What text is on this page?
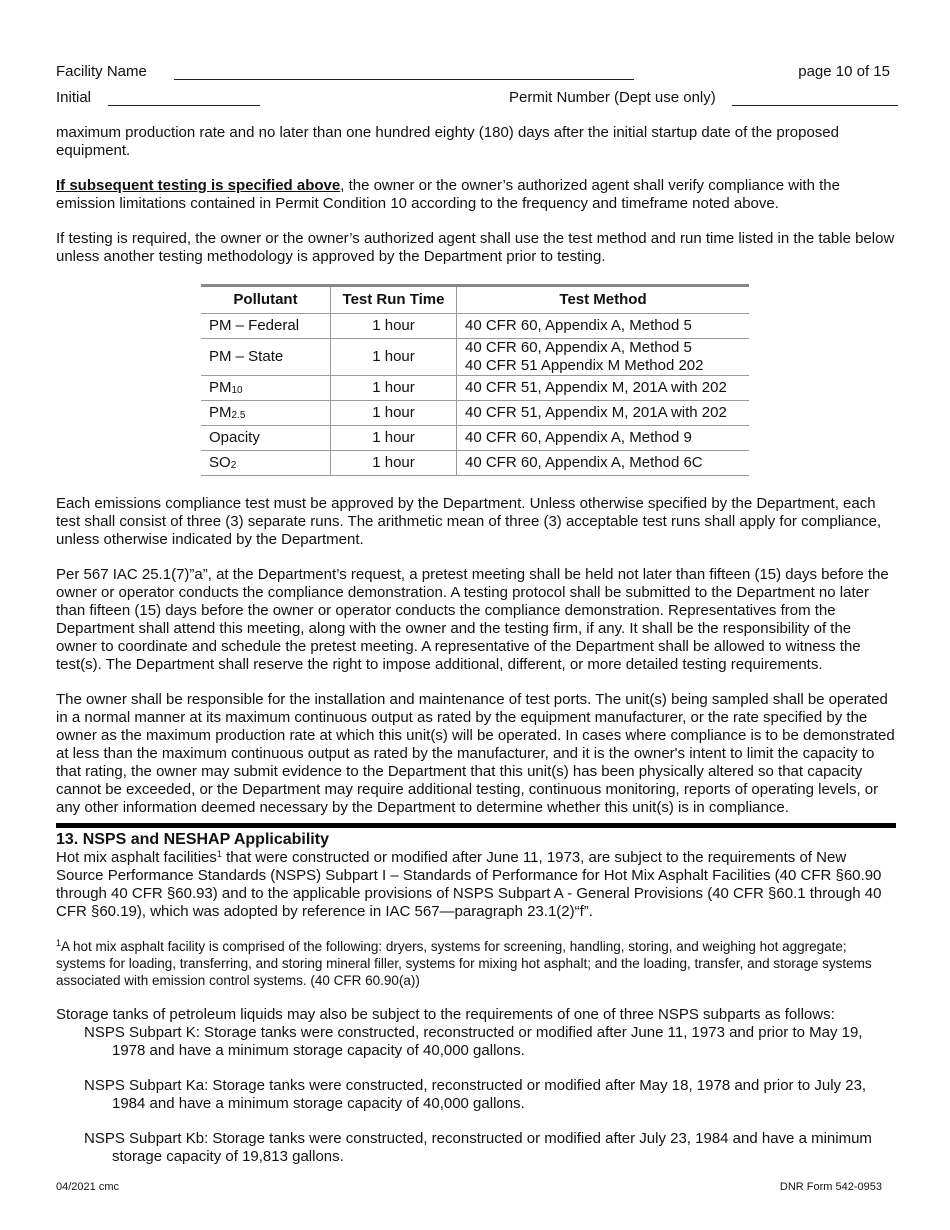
Facility Name	page 10 of 15
Initial	Permit Number (Dept use only)

maximum production rate and no later than one hundred eighty (180) days after the initial startup date of the proposed equipment.

If subsequent testing is specified above, the owner or the owner’s authorized agent shall verify compliance with the emission limitations contained in Permit Condition 10 according to the frequency and timeframe noted above.

If testing is required, the owner or the owner’s authorized agent shall use the test method and run time listed in the table below unless another testing methodology is approved by the Department prior to testing.

Pollutant	Test Run Time	Test Method
PM – Federal	1 hour	40 CFR 60, Appendix A, Method 5
PM – State	1 hour	40 CFR 60, Appendix A, Method 5
40 CFR 51 Appendix M Method 202

$PM_{10}$	1 hour	40 CFR 51, Appendix M, 201A with 202
$PM_{2.5}$	1 hour	40 CFR 51, Appendix M, 201A with 202
Opacity	1 hour	40 CFR 60, Appendix A, Method 9
$SO_2$	1 hour	40 CFR 60, Appendix A, Method 6C

Each emissions compliance test must be approved by the Department. Unless otherwise specified by the Department, each test shall consist of three (3) separate runs. The arithmetic mean of three (3) acceptable test runs shall apply for compliance, unless otherwise indicated by the Department.

Per 567 IAC 25.1(7)”a”, at the Department’s request, a pretest meeting shall be held not later than fifteen (15) days before the owner or operator conducts the compliance demonstration. A testing protocol shall be submitted to the Department no later than fifteen (15) days before the owner or operator conducts the compliance demonstration. Representatives from the Department shall attend this meeting, along with the owner and the testing firm, if any. It shall be the responsibility of the owner to coordinate and schedule the pretest meeting. A representative of the Department shall be allowed to witness the test(s). The Department shall reserve the right to impose additional, different, or more detailed testing requirements.

The owner shall be responsible for the installation and maintenance of test ports. The unit(s) being sampled shall be operated in a normal manner at its maximum continuous output as rated by the equipment manufacturer, or the rate specified by the owner as the maximum production rate at which this unit(s) will be operated. In cases where compliance is to be demonstrated at less than the maximum continuous output as rated by the manufacturer, and it is the owner's intent to limit the capacity to that rating, the owner may submit evidence to the Department that this unit(s) has been physically altered so that capacity cannot be exceeded, or the Department may require additional testing, continuous monitoring, reports of operating levels, or any other information deemed necessary by the Department to determine whether this unit(s) is in compliance.

13. NSPS and NESHAP Applicability

Hot mix asphalt facilities$^1$ that were constructed or modified after June 11, 1973, are subject to the requirements of New Source Performance Standards (NSPS) Subpart I – Standards of Performance for Hot Mix Asphalt Facilities (40 CFR §60.90 through 40 CFR §60.93) and to the applicable provisions of NSPS Subpart A - General Provisions (40 CFR §60.1 through 40 CFR §60.19), which was adopted by reference in IAC 567—paragraph 23.1(2)“f”.

$^1$A hot mix asphalt facility is comprised of the following: dryers, systems for screening, handling, storing, and weighing hot aggregate; systems for loading, transferring, and storing mineral filler, systems for mixing hot asphalt; and the loading, transfer, and storage systems associated with emission control systems. (40 CFR 60.90(a))

Storage tanks of petroleum liquids may also be subject to the requirements of one of three NSPS subparts as follows:

NSPS Subpart K: Storage tanks were constructed, reconstructed or modified after June 11, 1973 and prior to May 19, 1978 and have a minimum storage capacity of 40,000 gallons.

NSPS Subpart Ka: Storage tanks were constructed, reconstructed or modified after May 18, 1978 and prior to July 23, 1984 and have a minimum storage capacity of 40,000 gallons.

NSPS Subpart Kb: Storage tanks were constructed, reconstructed or modified after July 23, 1984 and have a minimum storage capacity of 19,813 gallons.

04/2021 cmc	DNR Form 542-0953
